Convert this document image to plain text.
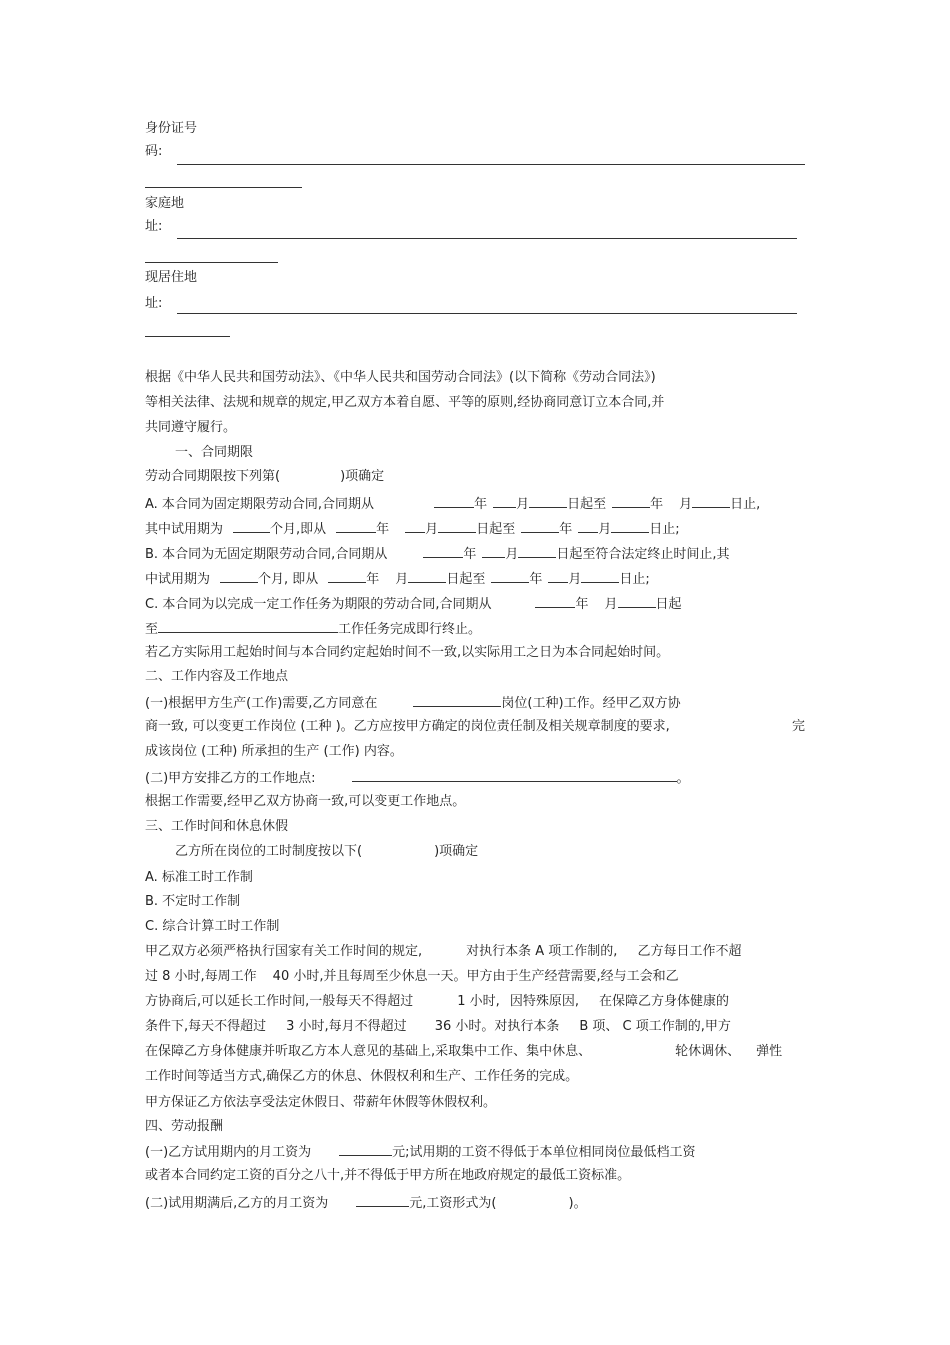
身份证号
码:
家庭地
址:
现居住地
址:
根据《中华人民共和国劳动法》、《中华人民共和国劳动合同法》(以下简称《劳动合同法》)
等相关法律、法规和规章的规定,甲乙双方本着自愿、平等的原则,经协商同意订立本合同,并
共同遵守履行。
一、合同期限
劳动合同期限按下列第(	)项确定
A. 本合同为固定期限劳动合同,合同期从	年 月	日起至	年 月	日止,
其中试用期为	个月,即从	年	月	日起至	年 月	日止;
B. 本合同为无固定期限劳动合同,合同期从	年 月	日起至符合法定终止时间止,其
中试用期为	个月, 即从	年 月	日起至	年 月	日止;
C. 本合同为以完成一定工作任务为期限的劳动合同,合同期从	年 月	日起
至	工作任务完成即行终止。
若乙方实际用工起始时间与本合同约定起始时间不一致,以实际用工之日为本合同起始时间。
二、工作内容及工作地点
(一)根据甲方生产(工作)需要,乙方同意在	岗位(工种)工作。经甲乙双方协
商一致, 可以变更工作岗位 (工种 )。乙方应按甲方确定的岗位责任制及相关规章制度的要求,	完
成该岗位 (工种) 所承担的生产 (工作) 内容。
(二)甲方安排乙方的工作地点:	。
根据工作需要,经甲乙双方协商一致,可以变更工作地点。
三、工作时间和休息休假
乙方所在岗位的工时制度按以下(	)项确定
A. 标准工时工作制
B. 不定时工作制
C. 综合计算工时工作制
甲乙双方必须严格执行国家有关工作时间的规定,	对执行本条 A 项工作制的, 乙方每日工作不超
过 8 小时,每周工作 40 小时,并且每周至少休息一天。甲方由于生产经营需要,经与工会和乙
方协商后,可以延长工作时间,一般每天不得超过	1 小时, 因特殊原因, 在保障乙方身体健康的
条件下,每天不得超过 3 小时,每月不得超过 36 小时。对执行本条 B 项、 C 项工作制的,甲方
在保障乙方身体健康并听取乙方本人意见的基础上,采取集中工作、集中休息、	轮休调休、 弹性
工作时间等适当方式,确保乙方的休息、休假权利和生产、工作任务的完成。
甲方保证乙方依法享受法定休假日、带薪年休假等休假权利。
四、劳动报酬
(一)乙方试用期内的月工资为	元;试用期的工资不得低于本单位相同岗位最低档工资
或者本合同约定工资的百分之八十,并不得低于甲方所在地政府规定的最低工资标准。
(二)试用期满后,乙方的月工资为	元,工资形式为(	)。
